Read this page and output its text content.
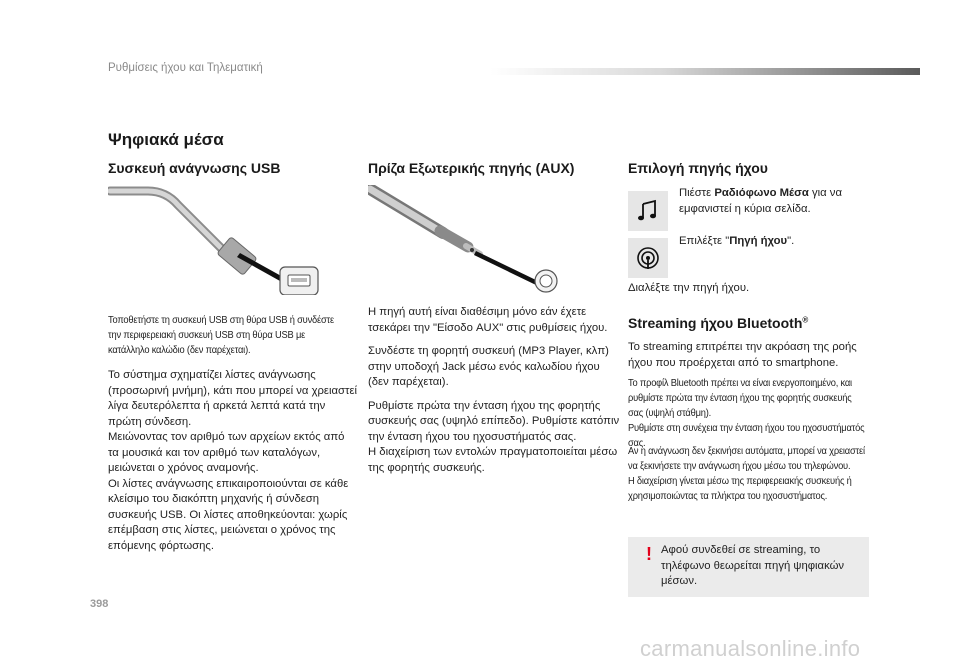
Ρυθμίσεις ήχου και Τηλεματική
Ψηφιακά μέσα
Συσκευή ανάγνωσης USB
Τοποθετήστε τη συσκευή USB στη θύρα USB ή συνδέστε την περιφερειακή συσκευή USB στη θύρα USB με κατάλληλο καλώδιο (δεν παρέχεται).

Το σύστημα σχηματίζει λίστες ανάγνωσης (προσωρινή μνήμη), κάτι που μπορεί να χρειαστεί λίγα δευτερόλεπτα ή αρκετά λεπτά κατά την πρώτη σύνδεση.

Μειώνοντας τον αριθμό των αρχείων εκτός από τα μουσικά και τον αριθμό των καταλόγων, μειώνεται ο χρόνος αναμονής.

Οι λίστες ανάγνωσης επικαιροποιούνται σε κάθε κλείσιμο του διακόπτη μηχανής ή σύνδεση συσκευής USB. Οι λίστες αποθηκεύονται: χωρίς επέμβαση στις λίστες, μειώνεται ο χρόνος της επόμενης φόρτωσης.

Πρίζα Εξωτερικής πηγής (AUX)

Η πηγή αυτή είναι διαθέσιμη μόνο εάν έχετε τσεκάρει την "Είσοδο AUX" στις ρυθμίσεις ήχου.

Συνδέστε τη φορητή συσκευή (MP3 Player, κλπ) στην υποδοχή Jack μέσω ενός καλωδίου ήχου (δεν παρέχεται).

Ρυθμίστε πρώτα την ένταση ήχου της φορητής συσκευής σας (υψηλό επίπεδο). Ρυθμίστε κατόπιν την ένταση ήχου του ηχοσυστήματός σας.

Η διαχείριση των εντολών πραγματοποιείται μέσω της φορητής συσκευής.

Επιλογή πηγής ήχου
Πιέστε Ραδιόφωνο Μέσα για να εμφανιστεί η κύρια σελίδα.
Επιλέξτε "Πηγή ήχου".
Διαλέξτε την πηγή ήχου.
Streaming ήχου Bluetooth®
Το streaming επιτρέπει την ακρόαση της ροής ήχου που προέρχεται από το smartphone.
Το προφίλ Bluetooth πρέπει να είναι ενεργοποιημένο, και ρυθμίστε πρώτα την ένταση ήχου της φορητής συσκευής σας (υψηλή στάθμη).
Ρυθμίστε στη συνέχεια την ένταση ήχου του ηχοσυστήματός σας.
Αν η ανάγνωση δεν ξεκινήσει αυτόματα, μπορεί να χρειαστεί να ξεκινήσετε την ανάγνωση ήχου μέσω του τηλεφώνου.
Η διαχείριση γίνεται μέσω της περιφερειακής συσκευής ή χρησιμοποιώντας τα πλήκτρα του ηχοσυστήματος.
! Αφού συνδεθεί σε streaming, το τηλέφωνο θεωρείται πηγή ψηφιακών μέσων.
398
carmanualsonline.info
